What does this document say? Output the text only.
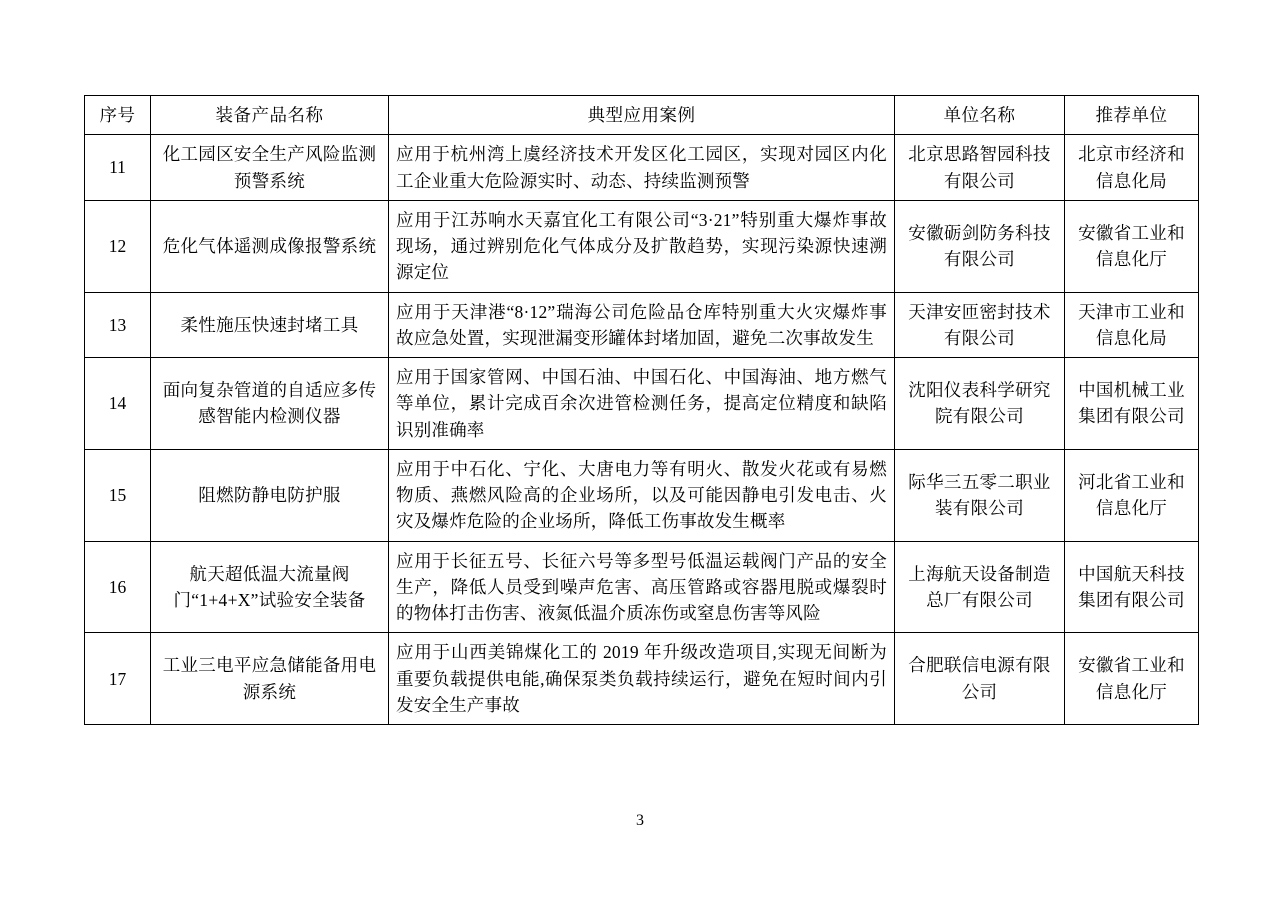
序号	装备产品名称	典型应用案例	单位名称	推荐单位
11	化工园区安全生产风险监测预警系统	应用于杭州湾上虞经济技术开发区化工园区，实现对园区内化工企业重大危险源实时、动态、持续监测预警	北京思路智园科技有限公司	北京市经济和信息化局
12	危化气体遥测成像报警系统	应用于江苏响水天嘉宜化工有限公司“3·21”特别重大爆炸事故现场，通过辨别危化气体成分及扩散趋势，实现污染源快速溯源定位	安徽砺剑防务科技有限公司	安徽省工业和信息化厅
13	柔性施压快速封堵工具	应用于天津港“8·12”瑞海公司危险品仓库特别重大火灾爆炸事故应急处置，实现泄漏变形罐体封堵加固，避免二次事故发生	天津安匝密封技术有限公司	天津市工业和信息化局
14	面向复杂管道的自适应多传感智能内检测仪器	应用于国家管网、中国石油、中国石化、中国海油、地方燃气等单位，累计完成百余次进管检测任务，提高定位精度和缺陷识别准确率	沈阳仪表科学研究院有限公司	中国机械工业集团有限公司
15	阻燃防静电防护服	应用于中石化、宁化、大唐电力等有明火、散发火花或有易燃物质、燕燃风险高的企业场所，以及可能因静电引发电击、火灾及爆炸危险的企业场所，降低工伤事故发生概率	际华三五零二职业装有限公司	河北省工业和信息化厅
16	航天超低温大流量阀门“1+4+X”试验安全装备	应用于长征五号、长征六号等多型号低温运载阀门产品的安全生产，降低人员受到噪声危害、高压管路或容器甩脱或爆裂时的物体打击伤害、液氮低温介质冻伤或窒息伤害等风险	上海航天设备制造总厂有限公司	中国航天科技集团有限公司
17	工业三电平应急储能备用电源系统	应用于山西美锦煤化工的 2019 年升级改造项目,实现无间断为重要负载提供电能,确保泵类负载持续运行，避免在短时间内引发安全生产事故	合肥联信电源有限公司	安徽省工业和信息化厅
3
